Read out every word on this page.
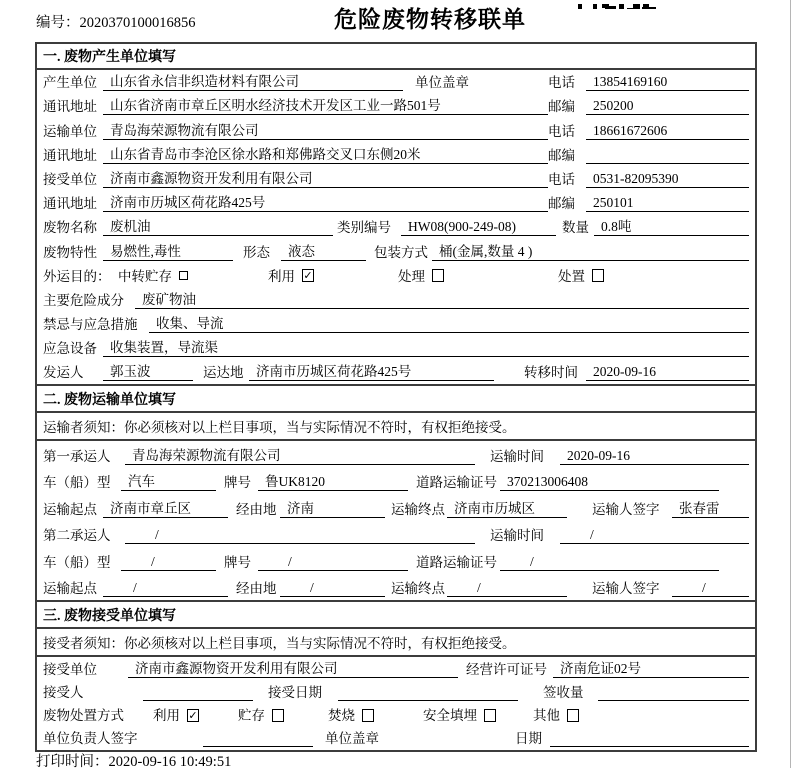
编号：2020370100016856	危险废物转移联单
一. 废物产生单位填写
产生单位 山东省永信非织造材料有限公司	单位盖章	电话	13854169160
通讯地址 山东省济南市章丘区明水经济技术开发区工业一路501号	邮编	250200
运输单位 青岛海荣源物流有限公司	电话	18661672606
通讯地址 山东省青岛市李沧区徐水路和郑佛路交叉口东侧20米	邮编
接受单位 济南市鑫源物资开发利用有限公司	电话	0531-82095390
通讯地址 济南市历城区荷花路425号	邮编	250101
废物名称 废机油	类别编号	HW08(900-249-08)	数量 0.8吨
废物特性 易燃性,毒性	形态	液态	包装方式 桶(金属,数量 4 )
外运目的： 中转贮存	利用 ✓	处理	处置
主要危险成分	废矿物油
禁忌与应急措施	收集、导流
应急设备 收集装置，导流渠
发运人	郭玉波	运达地 济南市历城区荷花路425号	转移时间	2020-09-16
二. 废物运输单位填写
运输者须知：你必须核对以上栏目事项，当与实际情况不符时，有权拒绝接受。
第一承运人	青岛海荣源物流有限公司	运输时间	2020-09-16
车（船）型	汽车	牌号	鲁UK8120	道路运输证号 370213006408
运输起点 济南市章丘区	经由地 济南	运输终点 济南市历城区	运输人签字	张春雷
第二承运人	/	运输时间	/
车（船）型	/	牌号	/	道路运输证号	/
运输起点	/	经由地	/	运输终点	/	运输人签字	/
三. 废物接受单位填写
接受者须知：你必须核对以上栏目事项，当与实际情况不符时，有权拒绝接受。
接受单位	济南市鑫源物资开发利用有限公司	经营许可证号 济南危证02号
接受人	接受日期	签收量
废物处置方式	利用 ✓	贮存	焚烧	安全填埋	其他
单位负责人签字	单位盖章	日期
打印时间：2020-09-16 10:49:51
